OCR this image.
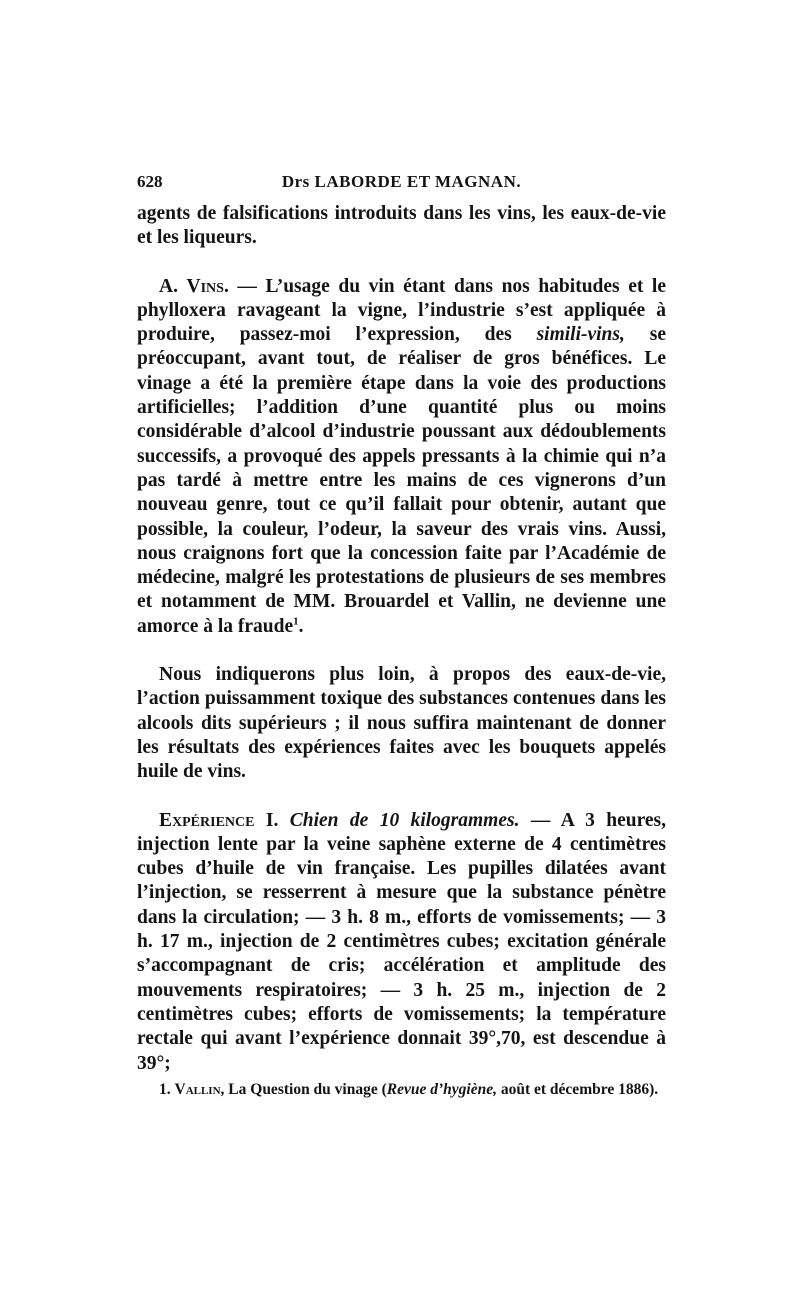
628	Drs LABORDE ET MAGNAN.

agents de falsifications introduits dans les vins, les eaux-de-vie et les liqueurs.

A. Vins. — L’usage du vin étant dans nos habitudes et le phylloxera ravageant la vigne, l’industrie s’est appliquée à produire, passez-moi l’expression, des simili-vins, se préoccupant, avant tout, de réaliser de gros bénéfices. Le vinage a été la première étape dans la voie des productions artificielles; l’addition d’une quantité plus ou moins considérable d’alcool d’industrie poussant aux dédoublements successifs, a provoqué des appels pressants à la chimie qui n’a pas tardé à mettre entre les mains de ces vignerons d’un nouveau genre, tout ce qu’il fallait pour obtenir, autant que possible, la couleur, l’odeur, la saveur des vrais vins. Aussi, nous craignons fort que la concession faite par l’Académie de médecine, malgré les protestations de plusieurs de ses membres et notamment de MM. Brouardel et Vallin, ne devienne une amorce à la fraude$^1$.

Nous indiquerons plus loin, à propos des eaux-de-vie, l’action puissamment toxique des substances contenues dans les alcools dits supérieurs ; il nous suffira maintenant de donner les résultats des expériences faites avec les bouquets appelés huile de vins.

Expérience I. Chien de 10 kilogrammes. — A 3 heures, injection lente par la veine saphène externe de 4 centimètres cubes d’huile de vin française. Les pupilles dilatées avant l’injection, se resserrent à mesure que la substance pénètre dans la circulation; — 3 h. 8 m., efforts de vomissements; — 3 h. 17 m., injection de 2 centimètres cubes; excitation générale s’accompagnant de cris; accélération et amplitude des mouvements respiratoires; — 3 h. 25 m., injection de 2 centimètres cubes; efforts de vomissements; la température rectale qui avant l’expérience donnait 39°,70, est descendue à 39°;

1. Vallin, La Question du vinage (Revue d’hygiène, août et décembre 1886).
